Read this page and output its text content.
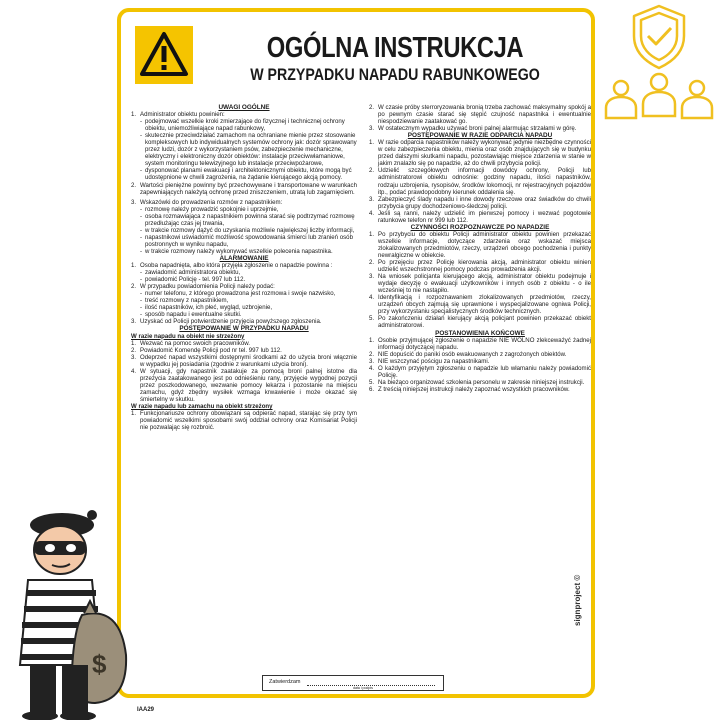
OGÓLNA INSTRUKCJA
W PRZYPADKU NAPADU RABUNKOWEGO

UWAGI OGÓLNE

1. Administrator obiektu powinien:
- podejmować wszelkie kroki zmierzające do fizycznej i technicznej ochrony obiektu, uniemożliwiające napad rabunkowy,
- skutecznie przeciwdziałać zamachom na ochraniane mienie przez stosowanie kompleksowych lub indywidualnych systemów ochrony jak: dozór sprawowany przez ludzi, dozór z wykorzystaniem psów, zabezpieczenie mechaniczne, elektryczny i elektroniczny dozór obiektów: instalacje przeciwwłamaniowe, system monitoringu telewizyjnego lub instalacje przeciwpożarowe,
- dysponować planami ewakuacji i architektonicznymi obiektu, które mogą być udostępnione w chwili zagrożenia, na żądanie kierującego akcją pomocy.
2. Wartości pieniężne powinny być przechowywane i transportowane w warunkach zapewniających należytą ochronę przed zniszczeniem, utratą lub zagarnięciem.
3. Wskazówki do prowadzenia rozmów z napastnikiem:
- rozmowę należy prowadzić spokojnie i uprzejmie,
- osoba rozmawiająca z napastnikiem powinna starać się podtrzymać rozmowę przedłużając czas jej trwania,
- w trakcie rozmowy dążyć do uzyskania możliwie największej liczby informacji,
- napastnikowi uświadomić możliwość spowodowania śmierci lub zranień osób postronnych w wyniku napadu,
- w trakcie rozmowy należy wykonywać wszelkie polecenia napastnika.

ALARMOWANIE

1. Osoba napadnięta, albo która przyjęła zgłoszenie o napadzie powinna :
- zawiadomić administratora obiektu,
- powiadomić Policję - tel. 997 lub 112.
2. W przypadku powiadomienia Policji należy podać:
- numer telefonu, z którego prowadzona jest rozmowa i swoje nazwisko,
- treść rozmowy z napastnikiem,
- ilość napastników, ich płeć, wygląd, uzbrojenie,
- sposób napadu i ewentualne skutki.
3. Uzyskać od Policji potwierdzenie przyjęcia powyższego zgłoszenia.

POSTĘPOWANIE W PRZYPADKU NAPADU

W razie napadu na obiekt nie strzeżony

1. Wezwać na pomoc swoich pracowników.
2. Powiadomić Komendę Policji pod nr tel. 997 lub 112.
3. Odeprzeć napad wszystkimi dostępnymi środkami aż do użycia broni włącznie w wypadku jej posiadania (zgodnie z warunkami użycia broni).
4. W sytuacji, gdy napastnik zaatakuje za pomocą broni palnej istotne dla przeżycia zaatakowanego jest po odnieśieniu rany, przyjęcie wygodnej pozycji przez poszkodowanego, wezwanie pomocy lekarza i pozostanie na miejscu zamachu, gdyż zbędny wysiłek wzmaga krwawienie i może okazać się śmiertelny w skutku.

W razie napadu lub zamachu na obiekt strzeżony

1. Funkcjonariusze ochrony obowiązani są odpierać napad, starając się przy tym powiadomić wszelkimi sposobami swój oddział ochrony oraz Komisariat Policji nie pozwalając się rozbroić.
2. W czasie próby sterroryzowania bronią trzeba zachować maksymalny spokój a po pewnym czasie starać się stępić czujność napastnika i ewentualnie niespodziewanie zaatakować go.
3. W ostatecznym wypadku używać broni palnej alarmując strzałami w górę.

POSTĘPOWANIE W RAZIE ODPARCIA NAPADU

1. W razie odparcia napastników należy wykonywać jedynie niezbędne czynności w celu zabezpieczenia obiektu, mienia oraz osób znajdujących się w budynku przed dalszymi skutkami napadu, pozostawiając miejsce zdarzenia w stanie w jakim znalazło się po napadzie, aż do chwili przybycia policji.
2. Udzielić szczegółowych informacji dowódcy ochrony, Policji lub administratorowi obiektu odnośnie: godziny napadu, ilości napastników, rodzaju uzbrojenia, rysopisów, środków lokomocji, nr rejestracyjnych pojazdów itp., podać prawdopodobny kierunek oddalenia się.
3. Zabezpieczyć ślady napadu i inne dowody rzeczowe oraz świadków do chwili przybycia grupy dochodzeniowo-śledczej policji.
4. Jeśli są ranni, należy udzielić im pierwszej pomocy i wezwać pogotowie ratunkowe telefon nr 999 lub 112.

CZYNNOŚCI ROZPOZNAWCZE PO NAPADZIE

1. Po przybyciu do obiektu Policji administrator obiektu powinien przekazać wszelkie informacje, dotyczące zdarzenia oraz wskazać miejsca zlokalizowanych przedmiotów, rzeczy, urządzeń obcego pochodzenia i punkty newralgiczne w obiekcie.
2. Po przejęciu przez Policję kierowania akcją, administrator obiektu winien udzielić wszechstronnej pomocy podczas prowadzenia akcji.
3. Na wniosek policjanta kierującego akcją, administrator obiektu podejmuje i wydaje decyzję o ewakuacji użytkowników i innych osób z obiektu - o ile wcześniej to nie nastąpiło.
4. Identyfikacją i rozpoznawaniem zlokalizowanych przedmiotów, rzeczy, urządzeń obcych zajmują się uprawnione i wyspecjalizowane ogniwa Policji, przy wykorzystaniu specjalistycznych środków technicznych.
5. Po zakończeniu działań kierujący akcją policjant powinien przekazać obiekt administratorowi.

POSTANOWIENIA KOŃCOWE

1. Osobie przyjmującej zgłoszenie o napadzie NIE WOLNO zlekceważyć żadnej informacji dotyczącej napadu.
2. NIE dopuścić do paniki osób ewakuowanych z zagrożonych obiektów.
3. NIE wszczynać pościgu za napastnikami.
4. O każdym przyjętym zgłoszeniu o napadzie lub włamaniu należy powiadomić Policję.
5. Na bieżąco organizować szkolenia personelu w zakresie niniejszej instrukcji.
6. Z treścią niniejszej instrukcji należy zapoznać wszystkich pracowników.
Zatwierdzam
data i podpis
signproject ©
IAA29
$
